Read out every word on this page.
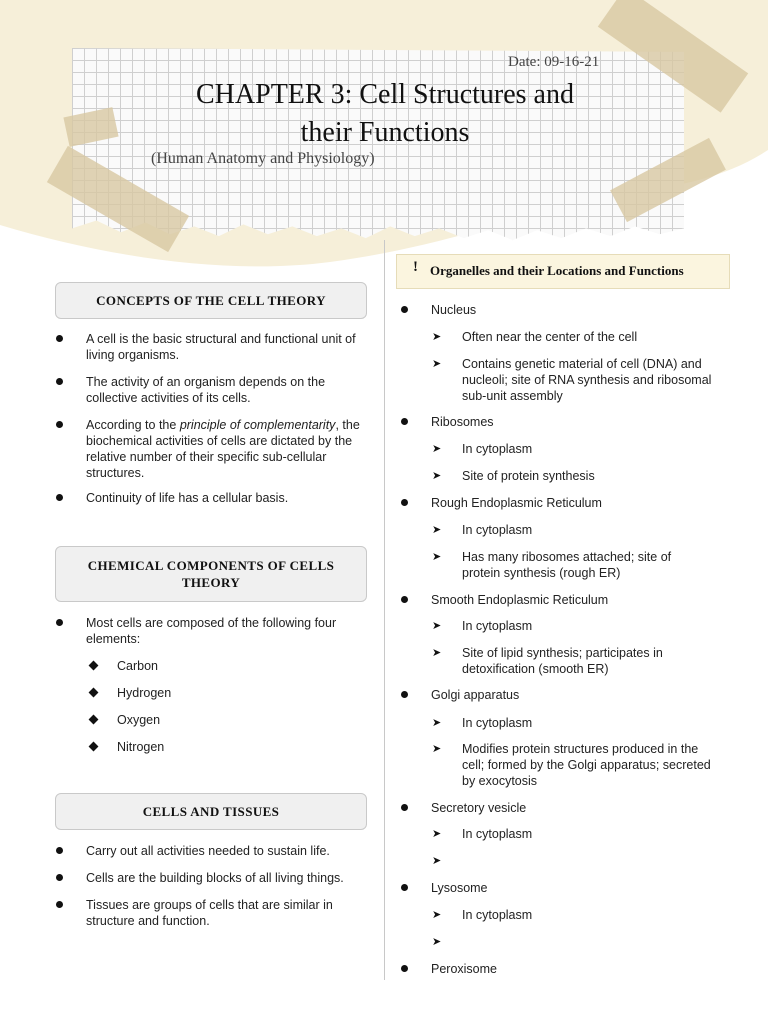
Date: 09-16-21
CHAPTER 3: Cell Structures and
their Functions
(Human Anatomy and Physiology)
CONCEPTS OF THE CELL THEORY
A cell is the basic structural and functional unit of living organisms.
The activity of an organism depends on the collective activities of its cells.
According to the principle of complementarity, the biochemical activities of cells are dictated by the relative number of their specific sub-cellular structures.
Continuity of life has a cellular basis.
CHEMICAL COMPONENTS OF CELLS THEORY
Most cells are composed of the following four elements:
Carbon
Hydrogen
Oxygen
Nitrogen
CELLS AND TISSUES
Carry out all activities needed to sustain life.
Cells are the building blocks of all living things.
Tissues are groups of cells that are similar in structure and function.
! Organelles and their Locations and Functions
Nucleus
➤ Often near the center of the cell
➤ Contains genetic material of cell (DNA) and nucleoli; site of RNA synthesis and ribosomal sub-unit assembly
Ribosomes
➤ In cytoplasm
➤ Site of protein synthesis
Rough Endoplasmic Reticulum
➤ In cytoplasm
➤ Has many ribosomes attached; site of protein synthesis (rough ER)
Smooth Endoplasmic Reticulum
➤ In cytoplasm
➤ Site of lipid synthesis; participates in detoxification (smooth ER)
Golgi apparatus
➤ In cytoplasm
➤ Modifies protein structures produced in the cell; formed by the Golgi apparatus; secreted by exocytosis
Secretory vesicle
➤ In cytoplasm
➤
Lysosome
➤ In cytoplasm
➤
Peroxisome
